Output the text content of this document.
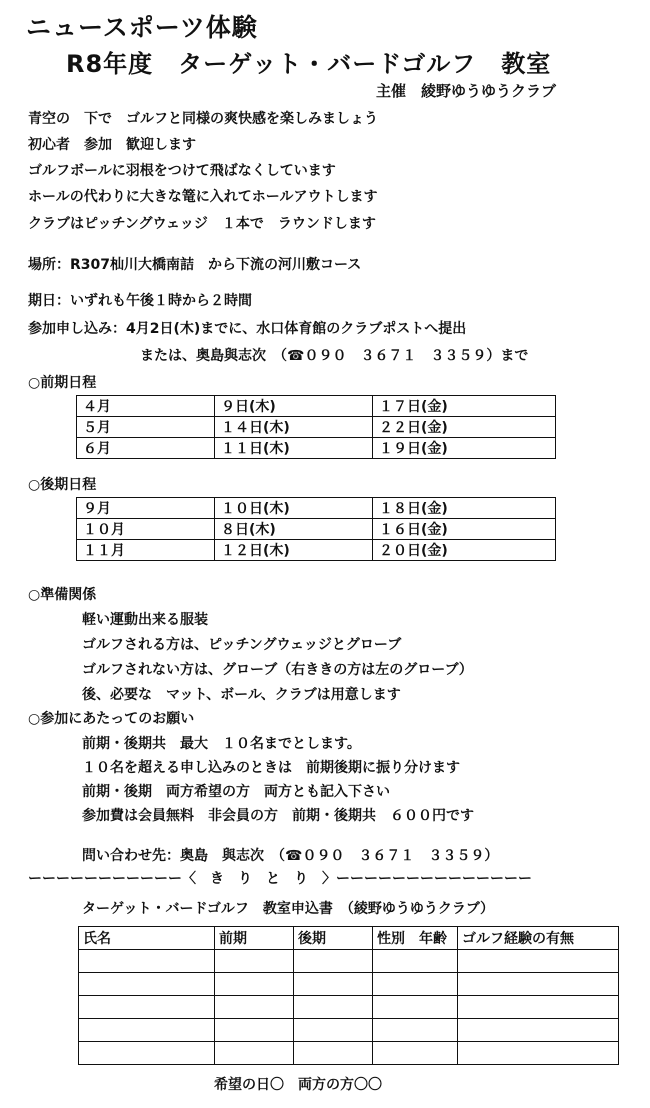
ニュースポーツ体験
R8年度　ターゲット・バードゴルフ　教室
主催　綾野ゆうゆうクラブ
青空の　下で　ゴルフと同様の爽快感を楽しみましょう
初心者　参加　歓迎します
ゴルフボールに羽根をつけて飛ばなくしています
ホールの代わりに大きな篭に入れてホールアウトします
クラブはピッチングウェッジ　１本で　ラウンドします
場所：R307杣川大橋南詰　から下流の河川敷コース
期日：いずれも午後１時から２時間
参加申し込み：4月2日(木)までに、水口体育館のクラブポストへ提出
または、奥島與志次　（☎０９０　３６７１　３３５９）まで
○前期日程
４月	９日(木)	１７日(金)
５月	１４日(木)	２２日(金)
６月	１１日(木)	１９日(金)
○後期日程
９月	１０日(木)	１８日(金)
１０月	８日(木)	１６日(金)
１１月	１２日(木)	２０日(金)
○準備関係
軽い運動出来る服装
ゴルフされる方は、ピッチングウェッジとグローブ
ゴルフされない方は、グローブ（右ききの方は左のグローブ）
後、必要な　マット、ボール、クラブは用意します
○参加にあたってのお願い
前期・後期共　最大　１０名までとします。
１０名を超える申し込みのときは　前期後期に振り分けます
前期・後期　両方希望の方　両方とも記入下さい
参加費は会員無料　非会員の方　前期・後期共　６００円です
問い合わせ先：奥島　與志次　（☎０９０　３６７１　３３５９）
ーーーーーーーーーーー〈　き　り　と　り　〉ーーーーーーーーーーーーーー
ターゲット・バードゴルフ　教室申込書　（綾野ゆうゆうクラブ）
氏名	前期	後期	性別　年齢	ゴルフ経験の有無

希望の日〇　両方の方〇〇
